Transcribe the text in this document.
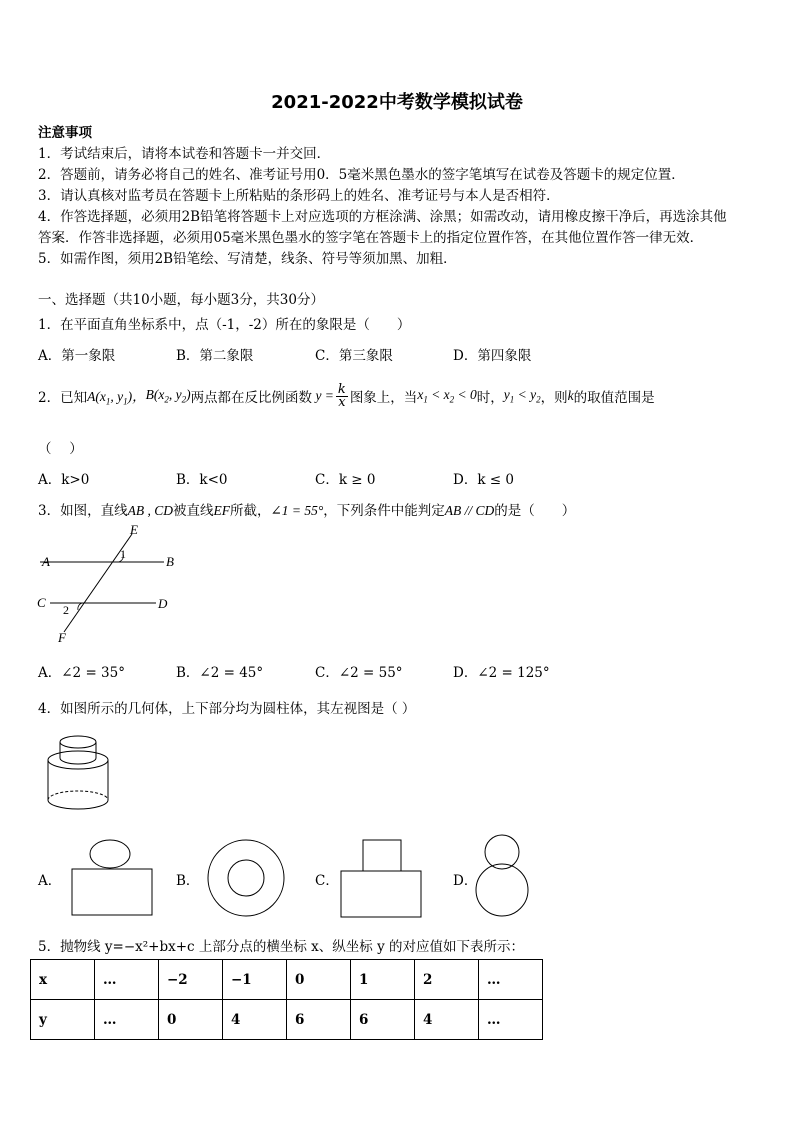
2021-2022中考数学模拟试卷
注意事项
1．考试结束后，请将本试卷和答题卡一并交回．
2．答题前，请务必将自己的姓名、准考证号用0．5毫米黑色墨水的签字笔填写在试卷及答题卡的规定位置．
3．请认真核对监考员在答题卡上所粘贴的条形码上的姓名、准考证号与本人是否相符．
4．作答选择题，必须用2B铅笔将答题卡上对应选项的方框涂满、涂黑；如需改动，请用橡皮擦干净后，再选涂其他
答案．作答非选择题，必须用05毫米黑色墨水的签字笔在答题卡上的指定位置作答，在其他位置作答一律无效．
5．如需作图，须用2B铅笔绘、写清楚，线条、符号等须加黑、加粗．
一、选择题（共10小题，每小题3分，共30分）
1．在平面直角坐标系中，点（-1，-2）所在的象限是（　　）
A．第一象限	B．第二象限	C．第三象限	D．第四象限
2．已知 $A(x_1$, $y_1$)， $B(x_2$, $y_2$) 两点都在反比例函数 $y = \frac{k}{x}$ 图象上，当 $x_1 < x_2 < 0$ 时， $y_1 < y_2$ ，则 k 的取值范围是
（　 ）
A．k>0	B．k<0	C．k ≥ 0	D．k ≤ 0
3．如图，直线AB , CD被直线EF所截，∠1 = 55°，下列条件中能判定AB // CD的是（　　）
E
A	B
C	D
F
1
2
A．∠2 = 35°	B．∠2 = 45°	C．∠2 = 55°	D．∠2 = 125°
4．如图所示的几何体，上下部分均为圆柱体，其左视图是（ ）
A．	B．	C．	D．
5．抛物线 y=−x²+bx+c 上部分点的横坐标 x、纵坐标 y 的对应值如下表所示：
x	…	−2	−1	0	1	2	…
y	…	0	4	6	6	4	…
